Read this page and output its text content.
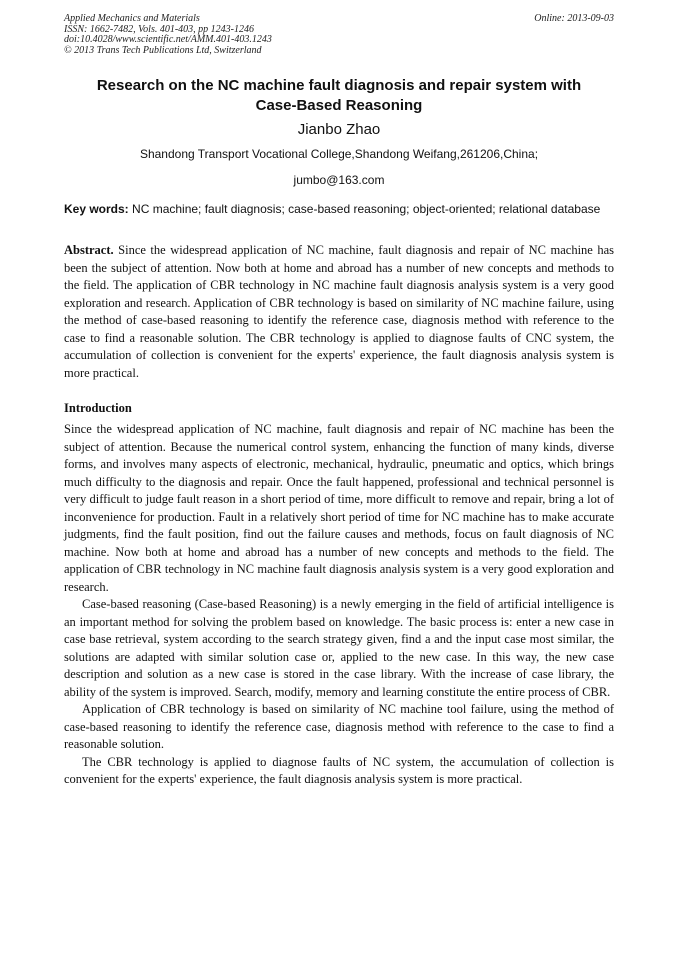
Applied Mechanics and Materials
ISSN: 1662-7482, Vols. 401-403, pp 1243-1246
doi:10.4028/www.scientific.net/AMM.401-403.1243
© 2013 Trans Tech Publications Ltd, Switzerland
Online: 2013-09-03
Research on the NC machine fault diagnosis and repair system with Case-Based Reasoning
Jianbo Zhao
Shandong Transport Vocational College,Shandong Weifang,261206,China;
jumbo@163.com
Key words: NC machine; fault diagnosis; case-based reasoning; object-oriented; relational database
Abstract. Since the widespread application of NC machine, fault diagnosis and repair of NC machine has been the subject of attention. Now both at home and abroad has a number of new concepts and methods to the field. The application of CBR technology in NC machine fault diagnosis analysis system is a very good exploration and research. Application of CBR technology is based on similarity of NC machine failure, using the method of case-based reasoning to identify the reference case, diagnosis method with reference to the case to find a reasonable solution. The CBR technology is applied to diagnose faults of CNC system, the accumulation of collection is convenient for the experts' experience, the fault diagnosis analysis system is more practical.
Introduction

Since the widespread application of NC machine, fault diagnosis and repair of NC machine has been the subject of attention. Because the numerical control system, enhancing the function of many kinds, diverse forms, and involves many aspects of electronic, mechanical, hydraulic, pneumatic and optics, which brings much difficulty to the diagnosis and repair. Once the fault happened, professional and technical personnel is very difficult to judge fault reason in a short period of time, more difficult to remove and repair, bring a lot of inconvenience for production. Fault in a relatively short period of time for NC machine has to make accurate judgments, find the fault position, find out the failure causes and methods, focus on fault diagnosis of NC machine. Now both at home and abroad has a number of new concepts and methods to the field. The application of CBR technology in NC machine fault diagnosis analysis system is a very good exploration and research.

Case-based reasoning (Case-based Reasoning) is a newly emerging in the field of artificial intelligence is an important method for solving the problem based on knowledge. The basic process is: enter a new case in case base retrieval, system according to the search strategy given, find a and the input case most similar, the solutions are adapted with similar solution case or, applied to the new case. In this way, the new case description and solution as a new case is stored in the case library. With the increase of case library, the ability of the system is improved. Search, modify, memory and learning constitute the entire process of CBR.

Application of CBR technology is based on similarity of NC machine tool failure, using the method of case-based reasoning to identify the reference case, diagnosis method with reference to the case to find a reasonable solution.

The CBR technology is applied to diagnose faults of NC system, the accumulation of collection is convenient for the experts' experience, the fault diagnosis analysis system is more practical.
